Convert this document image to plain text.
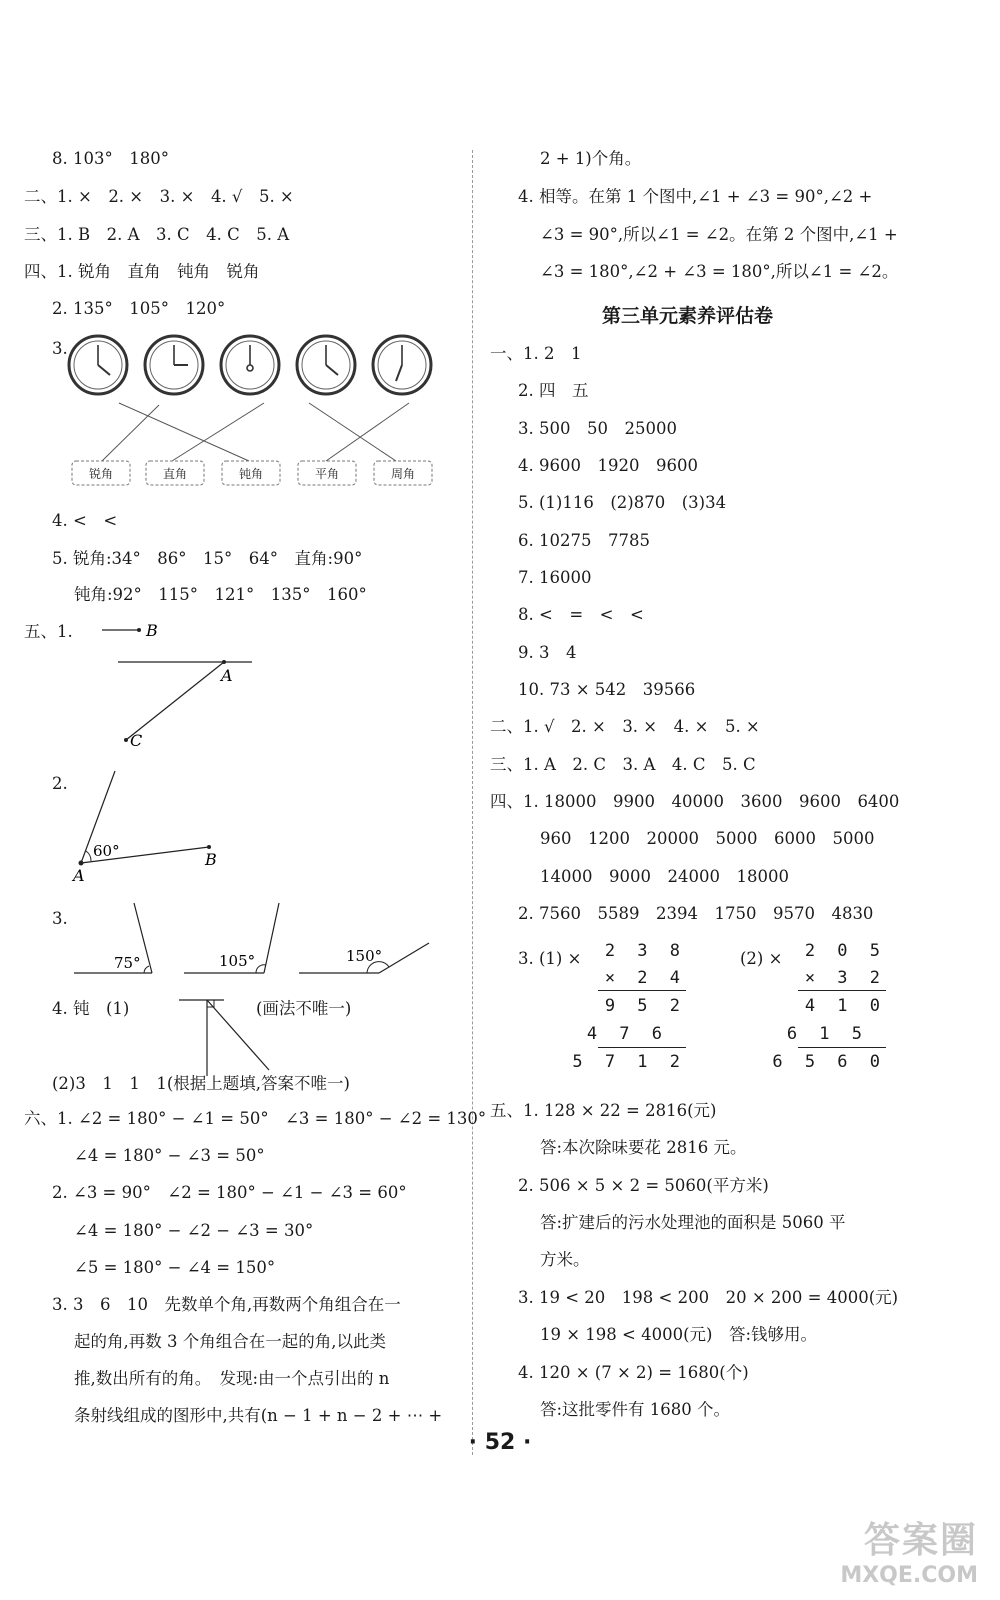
8. 103°　180°
二、1. ×　2. ×　3. ×　4. √　5. ×
三、1. B　2. A　3. C　4. C　5. A
四、1. 锐角　直角　钝角　锐角
2. 135°　105°　120°
3.
锐角	直角	钝角	平角	周角
4. <　<
5. 锐角:34°　86°　15°　64°　直角:90°
钝角:92°　115°　121°　135°　160°
五、1.	B
A
C
2.
60°
A
B
3.
75°	105°	150°
4. 钝　(1)	(画法不唯一)
(2)3　1　1　1(根据上题填,答案不唯一)
六、1. ∠2 = 180° − ∠1 = 50°　∠3 = 180° − ∠2 = 130°
∠4 = 180° − ∠3 = 50°
2. ∠3 = 90°　∠2 = 180° − ∠1 − ∠3 = 60°
∠4 = 180° − ∠2 − ∠3 = 30°
∠5 = 180° − ∠4 = 150°
3. 3　6　10　先数单个角,再数两个角组合在一
起的角,再数 3 个角组合在一起的角,以此类
推,数出所有的角。　发现:由一个点引出的 n
条射线组成的图形中,共有(n − 1 + n − 2 + ⋯ +
2 + 1)个角。
4. 相等。在第 1 个图中,∠1 + ∠3 = 90°,∠2 +
∠3 = 90°,所以∠1 = ∠2。在第 2 个图中,∠1 +
∠3 = 180°,∠2 + ∠3 = 180°,所以∠1 = ∠2。
第三单元素养评估卷
一、1. 2　1
2. 四　五
3. 500　50　25000
4. 9600　1920　9600
5. (1)116　(2)870　(3)34
6. 10275　7785
7. 16000
8. <　=　<　<
9. 3　4
10. 73 × 542　39566
二、1. √　2. ×　3. ×　4. ×　5. ×
三、1. A　2. C　3. A　4. C　5. C
四、1. 18000　9900　40000　3600　9600　6400
960　1200　20000　5000　6000　5000
14000　9000　24000　18000
2. 7560　5589　2394　1750　9570　4830
3. (1) × 2 3 8
× 2 4
9 5 2
4 7 6
5 7 1 2
(2) × 2 0 5
× 3 2
4 1 0
6 1 5
6 5 6 0
五、1. 128 × 22 = 2816(元)
答:本次除味要花 2816 元。
2. 506 × 5 × 2 = 5060(平方米)
答:扩建后的污水处理池的面积是 5060 平
方米。
3. 19 < 20　198 < 200　20 × 200 = 4000(元)
19 × 198 < 4000(元)　答:钱够用。
4. 120 × (7 × 2) = 1680(个)
答:这批零件有 1680 个。
· 52 ·
答案圈
MXQE.COM
